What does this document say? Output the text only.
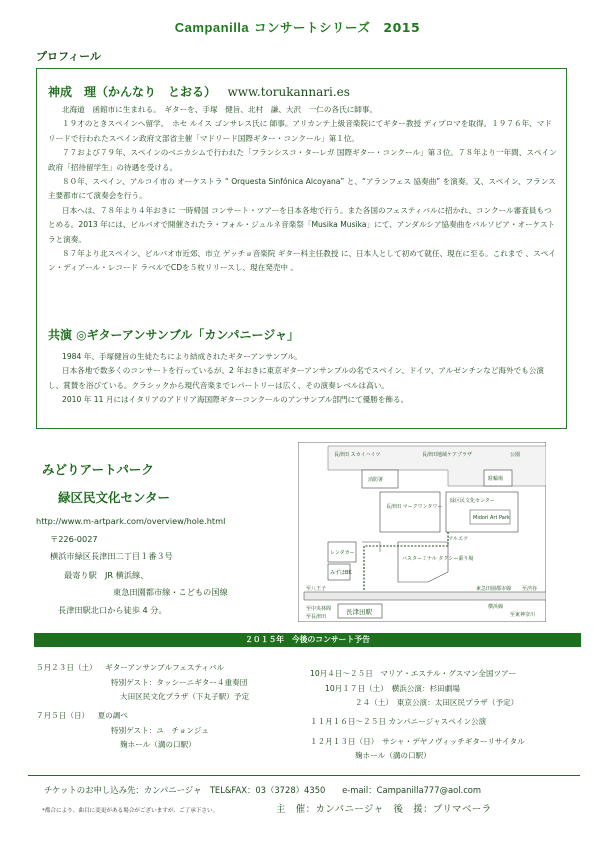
Campanilla コンサートシリーズ　2015
プロフィール
神成　理（かんなり　とおる） www.torukannari.es

北海道　函館市に生まれる。　ギターを、手塚　健旨、北村　謙、大沢　一仁の各氏に師事。

１９才のときスペインへ留学。　ホセ ルイス ゴンサレス氏に 師事。アリカンテ上級音楽院にてギター教授 ディプロマを取得。１９７６年、マドリードで行われたスペイン政府文部省主催「マドリード国際ギター・コンクール」第１位。

７７および７９年、スペインのベニカシムで行われた「フランシスコ・ターレガ 国際ギター・コンクール」第３位。７８年より一年間、スペイン政府「招待留学生」の待遇を受ける。

８０年、スペイン、アルコイ市の オーケストラ “ Orquesta Sinfónica Alcoyana” と、“アランフェス 協奏曲” を演奏。又、スペイン、フランス主要都市にて演奏会を行う。

日本へは、７８年より４年おきに 一時帰国 コンサート・ツアーを日本各地で行う。また各国のフェスティバルに招かれ、コンクール審査員もつとめる。2013 年には、ビルバオで開催されたラ・フォル・ジュルネ音楽祭「Musika Musika」にて、アンダルシア協奏曲をバルソビア・オーケストラと演奏。

８７年より北スペイン、ビルバオ市近郊、市立 ゲッチョ音楽院 ギター科主任教授 に、日本人として初めて就任、現在に至る。これまで 、スペイン・ディアール・レコード ラベルでCDを５枚リリースし、現在発売中 。

共演 ◎ギターアンサンブル「カンパニージャ」

1984 年、手塚健旨の生徒たちにより結成されたギターアンサンブル。

日本各地で数多くのコンサートを行っているが、2 年おきに東京ギターアンサンブルの名でスペイン、ドイツ、アルゼンチンなど海外でも公演し、賞賛を浴びている。クラシックから現代音楽までレパートリーは広く、その演奏レベルは高い。

2010 年 11 月にはイタリアのアドリア海国際ギターコンクールのアンサンブル部門にて優勝を飾る。

みどりアートパーク
緑区民文化センター
http://www.m-artpark.com/overview/hole.html
〒226-0027
横浜市緑区長津田二丁目１番３号
最寄り駅　JR 横浜線、
東急田園都市線・こどもの国線
長津田駅北口から徒歩 4 分。
長津田 スカイハイツ	長津田地域ケアプラザ	公園
消防署	駐輪場
長津田 マークワンタワー
緑区民文化センター
Midori Art Park
マルエツ
レンタカー
みずほBK
バスターミナル タクシー乗り場
東急田園都市線 至渋谷
至八王子
長津田駅
横浜線
至東神奈川
至中央林間
至長津田
２０１５年　今後のコンサート予告
５月２３日（土） ギターアンサンブルフェスティバル
特別ゲスト：タッシーニギター４重奏団
大田区民文化プラザ（下丸子駅）予定
７月５日（日） 夏の調べ
特別ゲスト：ユ　チョンジュ
麹ホール（溝の口駅）
10月４日〜２５日　マリア・エステル・グスマン全国ツアー
10月１７日（土）　横浜公演：杉田劇場
２４（土）　東京公演：太田区民プラザ（予定）
１１月１６日〜２５日 カンパニージャスペイン公演
１２月１３日（日）　サシャ・デヤノヴィッチギターリサイタル
麹ホール（溝の口駅）
チケットのお申し込み先：カンパニージャ　TEL&FAX：03（3728）4350　　e-mail：Campanilla777@aol.com
*都合により、曲目に変更がある場合がございますが、ご了承下さい。	主　催：カンパニージャ　後　援：プリマベーラ
